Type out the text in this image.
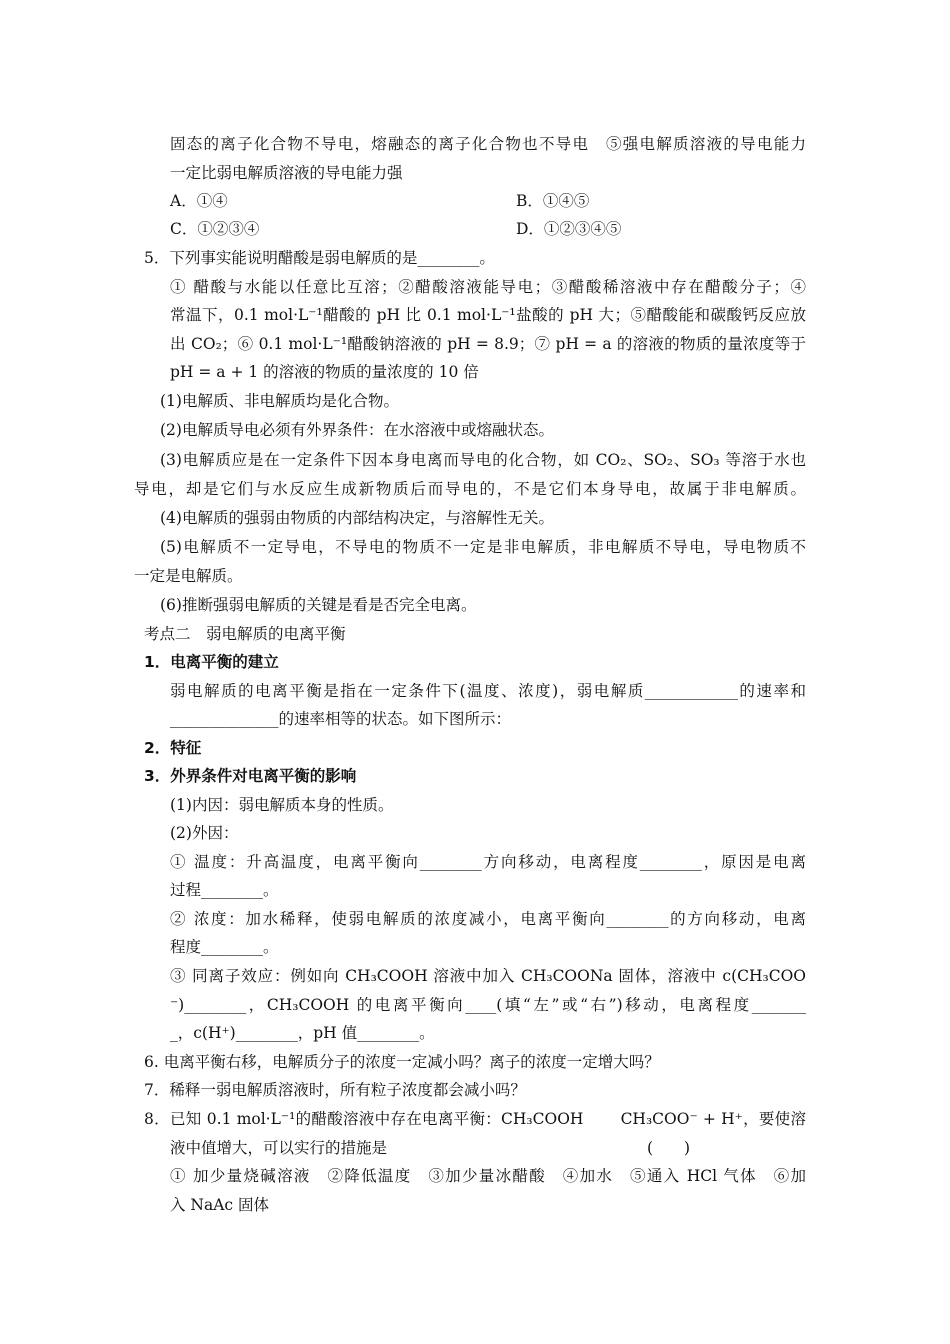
固态的离子化合物不导电，熔融态的离子化合物也不导电　⑤强电解质溶液的导电能力
一定比弱电解质溶液的导电能力强
A．①④	B．①④⑤
C．①②③④	D．①②③④⑤
5．下列事实能说明醋酸是弱电解质的是________。
① 醋酸与水能以任意比互溶；②醋酸溶液能导电；③醋酸稀溶液中存在醋酸分子；④
常温下，0.1 mol·L⁻¹醋酸的 pH 比 0.1 mol·L⁻¹盐酸的 pH 大；⑤醋酸能和碳酸钙反应放
出 CO₂；⑥ 0.1 mol·L⁻¹醋酸钠溶液的 pH = 8.9；⑦ pH = a 的溶液的物质的量浓度等于
pH = a + 1 的溶液的物质的量浓度的 10 倍
(1)电解质、非电解质均是化合物。
(2)电解质导电必须有外界条件：在水溶液中或熔融状态。
(3)电解质应是在一定条件下因本身电离而导电的化合物，如 CO₂、SO₂、SO₃ 等溶于水也
导电，却是它们与水反应生成新物质后而导电的，不是它们本身导电，故属于非电解质。
(4)电解质的强弱由物质的内部结构决定，与溶解性无关。
(5)电解质不一定导电，不导电的物质不一定是非电解质，非电解质不导电，导电物质不
一定是电解质。
(6)推断强弱电解质的关键是看是否完全电离。
考点二　弱电解质的电离平衡
1．电离平衡的建立
弱电解质的电离平衡是指在一定条件下(温度、浓度)，弱电解质____________的速率和
______________的速率相等的状态。如下图所示：
2．特征
3．外界条件对电离平衡的影响
(1)内因：弱电解质本身的性质。
(2)外因：
① 温度：升高温度，电离平衡向________方向移动，电离程度________，原因是电离
过程________。
② 浓度：加水稀释，使弱电解质的浓度减小，电离平衡向________的方向移动，电离
程度________。
③ 同离子效应：例如向 CH₃COOH 溶液中加入 CH₃COONa 固体，溶液中 c(CH₃COO
⁻)________，CH₃COOH 的电离平衡向____(填“左”或“右”)移动，电离程度_______
_，c(H⁺)________，pH 值________。
6. 电离平衡右移，电解质分子的浓度一定减小吗？离子的浓度一定增大吗？
7．稀释一弱电解质溶液时，所有粒子浓度都会减小吗？
8．已知 0.1 mol·L⁻¹的醋酸溶液中存在电离平衡：CH₃COOH　　 CH₃COO⁻ + H⁺，要使溶
液中值增大，可以实行的措施是	(　　)
① 加少量烧碱溶液　②降低温度　③加少量冰醋酸　④加水　⑤通入 HCl 气体　⑥加
入 NaAc 固体
